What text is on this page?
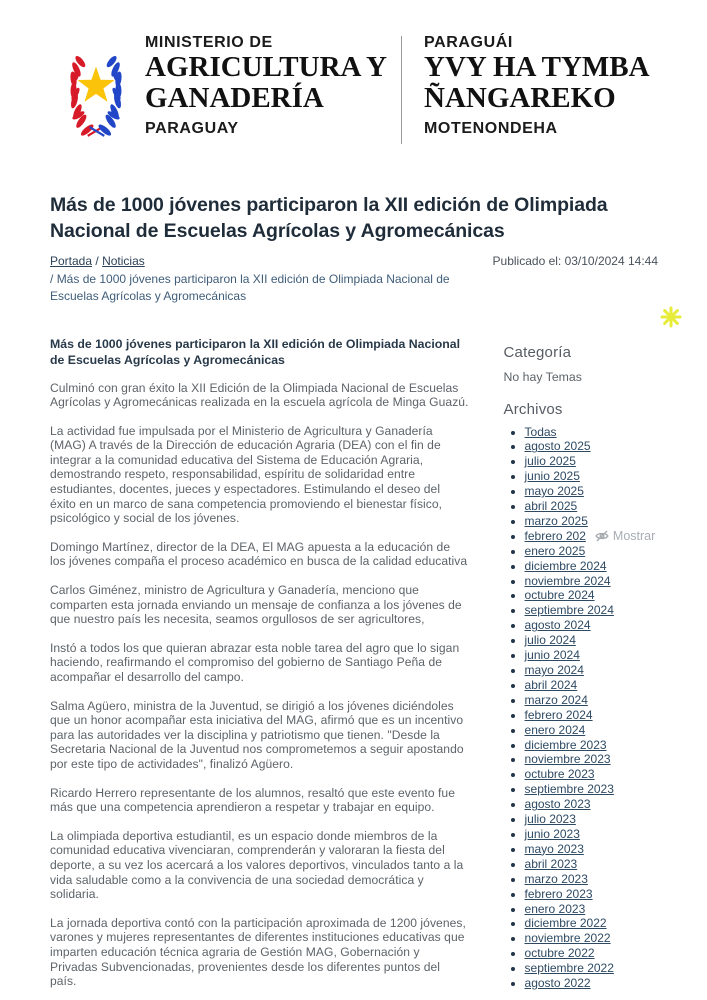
MINISTERIO DE
AGRICULTURA Y
GANADERÍA
PARAGUAY
PARAGUÁI
YVY HA TYMBA
ÑANGAREKO
MOTENONDEHA
Más de 1000 jóvenes participaron la XII edición de Olimpiada Nacional de Escuelas Agrícolas y Agromecánicas
Portada / Noticias / Más de 1000 jóvenes participaron la XII edición de Olimpiada Nacional de Escuelas Agrícolas y Agromecánicas
Publicado el: 03/10/2024 14:44
Más de 1000 jóvenes participaron la XII edición de Olimpiada Nacional de Escuelas Agrícolas y Agromecánicas

Culminó con gran éxito la XII Edición de la Olimpiada Nacional de Escuelas Agrícolas y Agromecánicas realizada en la escuela agrícola de Minga Guazú.

La actividad fue impulsada por el Ministerio de Agricultura y Ganadería (MAG) A través de la Dirección de educación Agraria (DEA) con el fin de integrar a la comunidad educativa del Sistema de Educación Agraria, demostrando respeto, responsabilidad, espíritu de solidaridad entre estudiantes, docentes, jueces y espectadores. Estimulando el deseo del éxito en un marco de sana competencia promoviendo el bienestar físico, psicológico y social de los jóvenes.

Domingo Martínez, director de la DEA, El MAG apuesta a la educación de los jóvenes compaña el proceso académico en busca de la calidad educativa

Carlos Giménez, ministro de Agricultura y Ganadería, menciono que comparten esta jornada enviando un mensaje de confianza a los jóvenes de que nuestro país les necesita, seamos orgullosos de ser agricultores,

Instó a todos los que quieran abrazar esta noble tarea del agro que lo sigan haciendo, reafirmando el compromiso del gobierno de Santiago Peña de acompañar el desarrollo del campo.

Salma Agüero, ministra de la Juventud, se dirigió a los jóvenes diciéndoles que un honor acompañar esta iniciativa del MAG, afirmó que es un incentivo para las autoridades ver la disciplina y patriotismo que tienen. "Desde la Secretaria Nacional de la Juventud nos comprometemos a seguir apostando por este tipo de actividades", finalizó Agüero.

Ricardo Herrero representante de los alumnos, resaltó que este evento fue más que una competencia aprendieron a respetar y trabajar en equipo.

La olimpiada deportiva estudiantil, es un espacio donde miembros de la comunidad educativa vivenciaran, comprenderán y valoraran la fiesta del deporte, a su vez los acercará a los valores deportivos, vinculados tanto a la vida saludable como a la convivencia de una sociedad democrática y solidaria.

La jornada deportiva contó con la participación aproximada de 1200 jóvenes, varones y mujeres representantes de diferentes instituciones educativas que imparten educación técnica agraria de Gestión MAG, Gobernación y Privadas Subvencionadas, provenientes desde los diferentes puntos del país.

Categoría
No hay Temas
Archivos
• Todas
• agosto 2025
• julio 2025
• junio 2025
• mayo 2025
• abril 2025
• marzo 2025
• febrero 202 Mostrar
• enero 2025
• diciembre 2024
• noviembre 2024
• octubre 2024
• septiembre 2024
• agosto 2024
• julio 2024
• junio 2024
• mayo 2024
• abril 2024
• marzo 2024
• febrero 2024
• enero 2024
• diciembre 2023
• noviembre 2023
• octubre 2023
• septiembre 2023
• agosto 2023
• julio 2023
• junio 2023
• mayo 2023
• abril 2023
• marzo 2023
• febrero 2023
• enero 2023
• diciembre 2022
• noviembre 2022
• octubre 2022
• septiembre 2022
• agosto 2022
